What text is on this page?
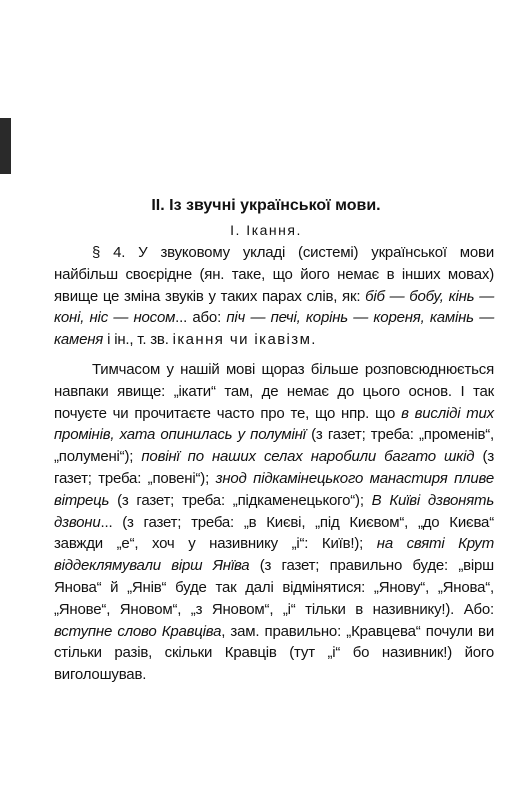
II. Із звучні української мови.
I. Ікання.

§ 4. У звуковому укладі (системі) української мови найбільш своєрідне (ян. таке, що його немає в інших мовах) явище це зміна звуків у таких парах слів, як: біб — бобу, кінь — коні, ніс — носом... або: піч — печі, корінь — кореня, камінь — каменя і ін., т. зв. ікання чи ікавізм.

Тимчасом у нашій мові щораз більше розповсюднюється навпаки явище: „ікати“ там, де немає до цього основ. І так почуєте чи прочитаєте часто про те, що нпр. що в висліді тих промінів, хата опинилась у полумінї (з газет; треба: „променів“, „полумені“); повінї по наших селах наробили багато шкід (з газет; треба: „повені“); знод підкамінецького манастиря пливе вітрець (з газет; треба: „підкаменецького“); В Київі дзвонять дзвони... (з газет; треба: „в Києві, „під Києвом“, „до Києва“ завжди „е“, хоч у називнику „і“: Київ!); на святі Крут віддеклямували вірш Янїва (з газет; правильно буде: „вірш Янова“ й „Янів“ буде так далі відмінятися: „Янову“, „Янова“, „Янове“, Яновом“, „з Яновом“, „і“ тільки в називнику!). Або: вступне слово Кравціва, зам. правильно: „Кравцева“ почули ви стільки разів, скільки Кравців (тут „і“ бо називник!) його виголошував.
